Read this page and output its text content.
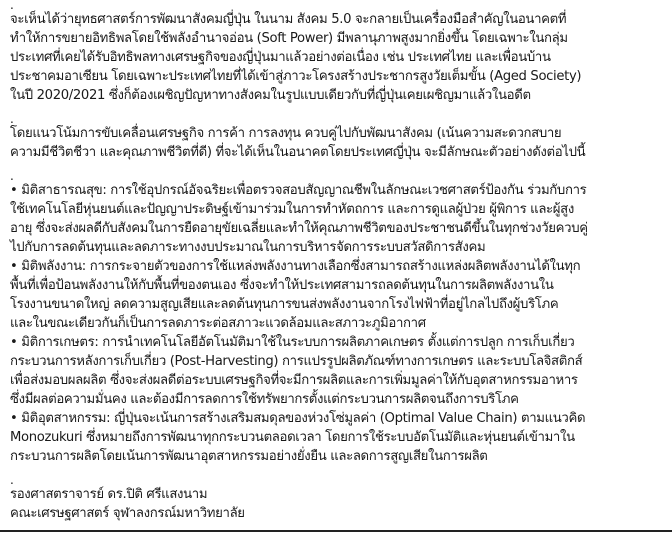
.
จะเห็นได้ว่ายุทธศาสตร์การพัฒนาสังคมญี่ปุ่น ในนาม สังคม 5.0 จะกลายเป็นเครื่องมือสำคัญในอนาคตที่
ทำให้การขยายอิทธิพลโดยใช้พลังอำนาจอ่อน (Soft Power) มีพลานุภาพสูงมากยิ่งขึ้น โดยเฉพาะในกลุ่ม
ประเทศที่เคยได้รับอิทธิพลทางเศรษฐกิจของญี่ปุ่นมาแล้วอย่างต่อเนื่อง เช่น ประเทศไทย และเพื่อนบ้าน
ประชาคมอาเซียน โดยเฉพาะประเทศไทยที่ได้เข้าสู่ภาวะโครงสร้างประชากรสูงวัยเต็มขั้น (Aged Society)
ในปี 2020/2021 ซึ่งก็ต้องเผชิญปัญหาทางสังคมในรูปแบบเดียวกับที่ญี่ปุ่นเคยเผชิญมาแล้วในอดีต
.
โดยแนวโน้มการขับเคลื่อนเศรษฐกิจ การค้า การลงทุน ควบคู่ไปกับพัฒนาสังคม (เน้นความสะดวกสบาย
ความมีชีวิตชีวา และคุณภาพชีวิตที่ดี) ที่จะได้เห็นในอนาคตโดยประเทศญี่ปุ่น จะมีลักษณะตัวอย่างดังต่อไปนี้
.
• มิติสาธารณสุข: การใช้อุปกรณ์อัจฉริยะเพื่อตรวจสอบสัญญาณชีพในลักษณะเวชศาสตร์ป้องกัน ร่วมกับการ
ใช้เทคโนโลยีหุ่นยนต์และปัญญาประดิษฐ์เข้ามาร่วมในการทำหัตถการ และการดูแลผู้ป่วย ผู้พิการ และผู้สูง
อายุ ซึ่งจะส่งผลดีกับสังคมในการยืดอายุขัยเฉลี่ยและทำให้คุณภาพชีวิตของประชาชนดีขึ้นในทุกช่วงวัยควบคู่
ไปกับการลดต้นทุนและลดภาระทางงบประมาณในการบริหารจัดการระบบสวัสดิการสังคม
• มิติพลังงาน: การกระจายตัวของการใช้แหล่งพลังงานทางเลือกซึ่งสามารถสร้างแหล่งผลิตพลังงานได้ในทุก
พื้นที่เพื่อป้อนพลังงานให้กับพื้นที่ของตนเอง ซึ่งจะทำให้ประเทศสามารถลดต้นทุนในการผลิตพลังงานใน
โรงงานขนาดใหญ่ ลดความสูญเสียและลดต้นทุนการขนส่งพลังงานจากโรงไฟฟ้าที่อยู่ไกลไปถึงผู้บริโภค
และในขณะเดียวกันก็เป็นการลดภาระต่อสภาวะแวดล้อมและสภาวะภูมิอากาศ
• มิติการเกษตร: การนำเทคโนโลยีอัตโนมัติมาใช้ในระบบการผลิตภาคเกษตร ตั้งแต่การปลูก การเก็บเกี่ยว
กระบวนการหลังการเก็บเกี่ยว (Post-Harvesting) การแปรรูปผลิตภัณฑ์ทางการเกษตร และระบบโลจิสติกส์
เพื่อส่งมอบผลผลิต ซึ่งจะส่งผลดีต่อระบบเศรษฐกิจที่จะมีการผลิตและการเพิ่มมูลค่าให้กับอุตสาหกรรมอาหาร
ซึ่งมีผลต่อความมั่นคง และต้องมีการลดการใช้ทรัพยากรตั้งแต่กระบวนการผลิตจนถึงการบริโภค
• มิติอุตสาหกรรม: ญี่ปุ่นจะเน้นการสร้างเสริมสมดุลของห่วงโซ่มูลค่า (Optimal Value Chain) ตามแนวคิด
Monozukuri ซึ่งหมายถึงการพัฒนาทุกกระบวนตลอดเวลา โดยการใช้ระบบอัตโนมัติและหุ่นยนต์เข้ามาใน
กระบวนการผลิตโดยเน้นการพัฒนาอุตสาหกรรมอย่างยั่งยืน และลดการสูญเสียในการผลิต
.
รองศาสตราจารย์ ดร.ปิติ ศรีแสงนาม
คณะเศรษฐศาสตร์ จุฬาลงกรณ์มหาวิทยาลัย
